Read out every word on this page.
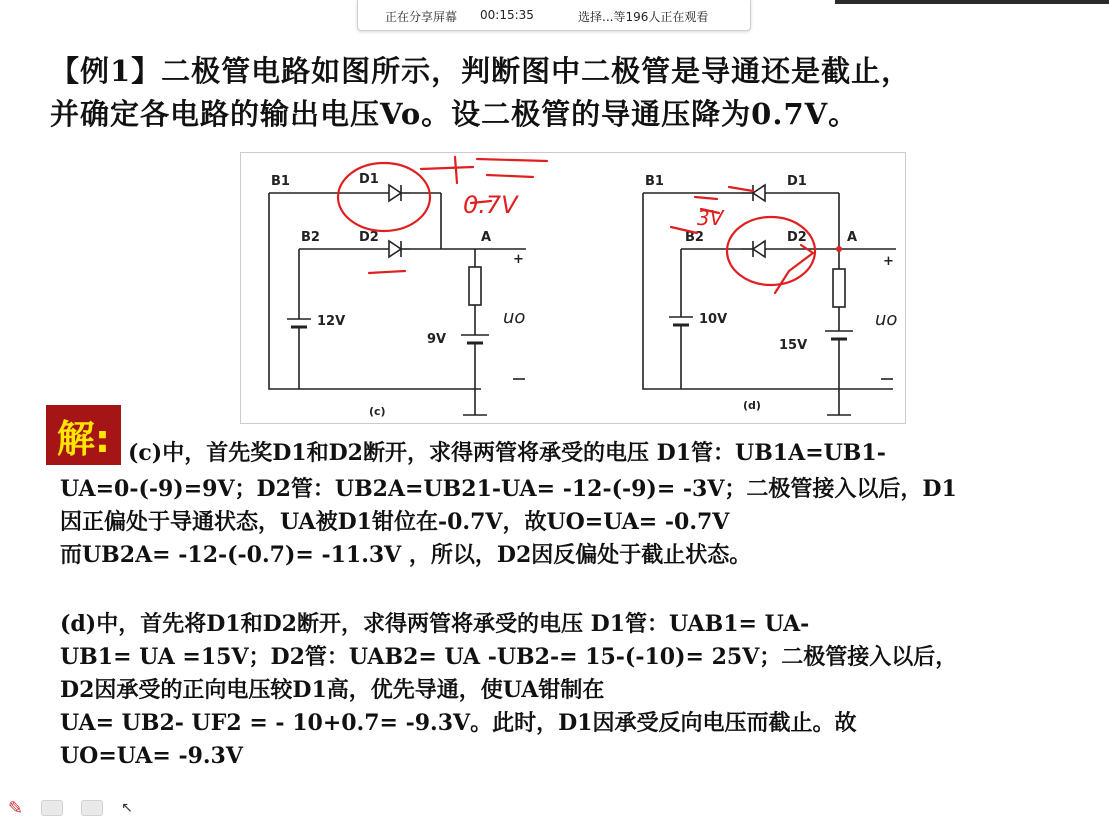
正在分享屏幕 00:15:35	选择...等196人正在观看
【例1】二极管电路如图所示，判断图中二极管是导通还是截止，
并确定各电路的输出电压Vo。设二极管的导通压降为0.7V。
B1
B2
D1
D2	A
12V
9V
+
(c)
uo
B1
B2
D1
D2	A
10V
15V
+
(d)
uo
0.7V	3V
解: (c)中，首先奖D1和D2断开，求得两管将承受的电压 D1管：UB1A=UB1-
UA=0-(-9)=9V；D2管：UB2A=UB21-UA= -12-(-9)= -3V；二极管接入以后，D1
因正偏处于导通状态，UA被D1钳位在-0.7V，故UO=UA= -0.7V
而UB2A= -12-(-0.7)= -11.3V ，所以，D2因反偏处于截止状态。
(d)中，首先将D1和D2断开，求得两管将承受的电压 D1管：UAB1= UA-
UB1= UA =15V；D2管：UAB2= UA -UB2-= 15-(-10)= 25V；二极管接入以后，
D2因承受的正向电压较D1高，优先导通，使UA钳制在
UA= UB2- UF2 = - 10+0.7= -9.3V。此时，D1因承受反向电压而截止。故
UO=UA= -9.3V
✎	↖
